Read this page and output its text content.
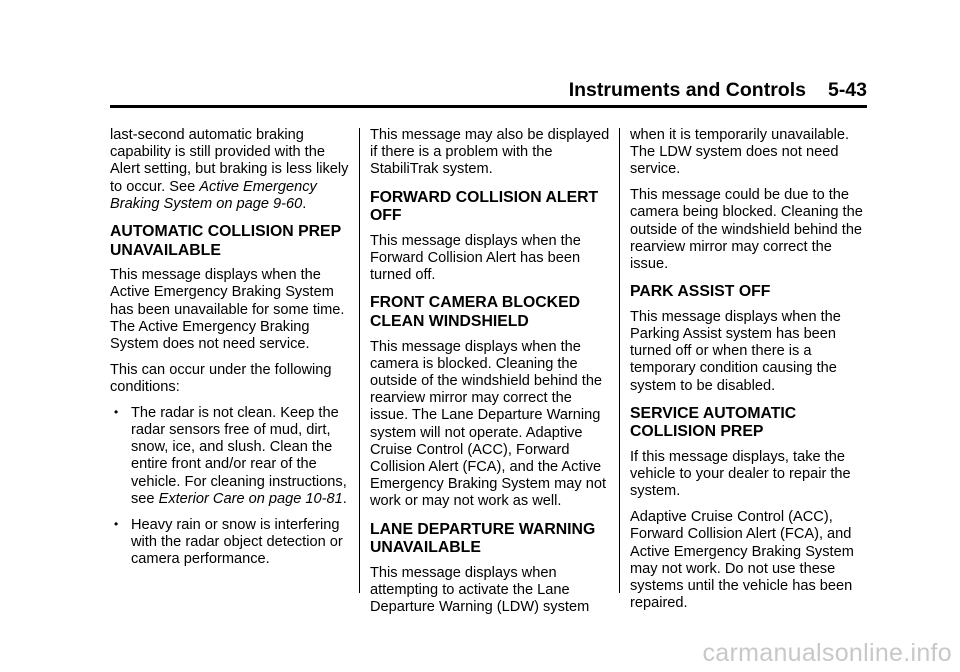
Instruments and Controls 5-43

last-second automatic braking capability is still provided with the Alert setting, but braking is less likely to occur. See Active Emergency Braking System on page 9-60.

AUTOMATIC COLLISION PREP UNAVAILABLE

This message displays when the Active Emergency Braking System has been unavailable for some time. The Active Emergency Braking System does not need service.

This can occur under the following conditions:

• The radar is not clean. Keep the radar sensors free of mud, dirt, snow, ice, and slush. Clean the entire front and/or rear of the vehicle. For cleaning instructions, see Exterior Care on page 10-81.
• Heavy rain or snow is interfering with the radar object detection or camera performance.

This message may also be displayed if there is a problem with the StabiliTrak system.

FORWARD COLLISION ALERT OFF

This message displays when the Forward Collision Alert has been turned off.

FRONT CAMERA BLOCKED CLEAN WINDSHIELD

This message displays when the camera is blocked. Cleaning the outside of the windshield behind the rearview mirror may correct the issue. The Lane Departure Warning system will not operate. Adaptive Cruise Control (ACC), Forward Collision Alert (FCA), and the Active Emergency Braking System may not work or may not work as well.

LANE DEPARTURE WARNING UNAVAILABLE

This message displays when attempting to activate the Lane Departure Warning (LDW) system

when it is temporarily unavailable. The LDW system does not need service.

This message could be due to the camera being blocked. Cleaning the outside of the windshield behind the rearview mirror may correct the issue.

PARK ASSIST OFF

This message displays when the Parking Assist system has been turned off or when there is a temporary condition causing the system to be disabled.

SERVICE AUTOMATIC COLLISION PREP

If this message displays, take the vehicle to your dealer to repair the system.

Adaptive Cruise Control (ACC), Forward Collision Alert (FCA), and Active Emergency Braking System may not work. Do not use these systems until the vehicle has been repaired.

carmanualsonline.info
